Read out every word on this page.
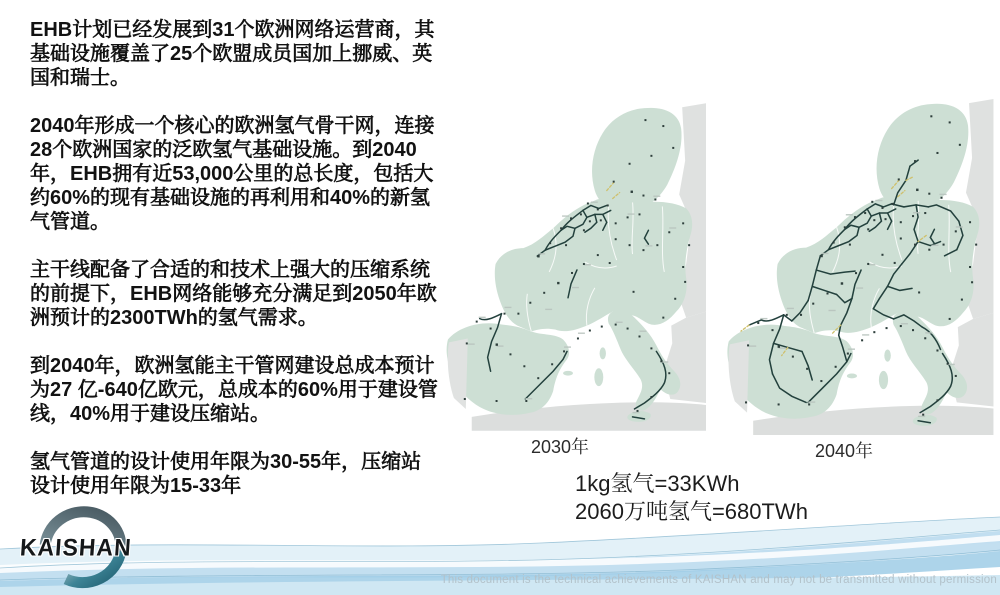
EHB计划已经发展到31个欧洲网络运营商，其基础设施覆盖了25个欧盟成员国加上挪威、英国和瑞士。

2040年形成一个核心的欧洲氢气骨干网，连接28个欧洲国家的泛欧氢气基础设施。到2040年，EHB拥有近53,000公里的总长度，包括大约60%的现有基础设施的再利用和40%的新氢气管道。

主干线配备了合适的和技术上强大的压缩系统的前提下，EHB网络能够充分满足到2050年欧洲预计的2300TWh的氢气需求。

到2040年，欧洲氢能主干管网建设总成本预计为27 亿-640亿欧元，总成本的60%用于建设管线，40%用于建设压缩站。

氢气管道的设计使用年限为30-55年，压缩站设计使用年限为15-33年

2030年	2040年
1kg氢气=33KWh
2060万吨氢气=680TWh
KAISHAN
This document is the technical achievements of KAISHAN and may not be transmitted without permission
